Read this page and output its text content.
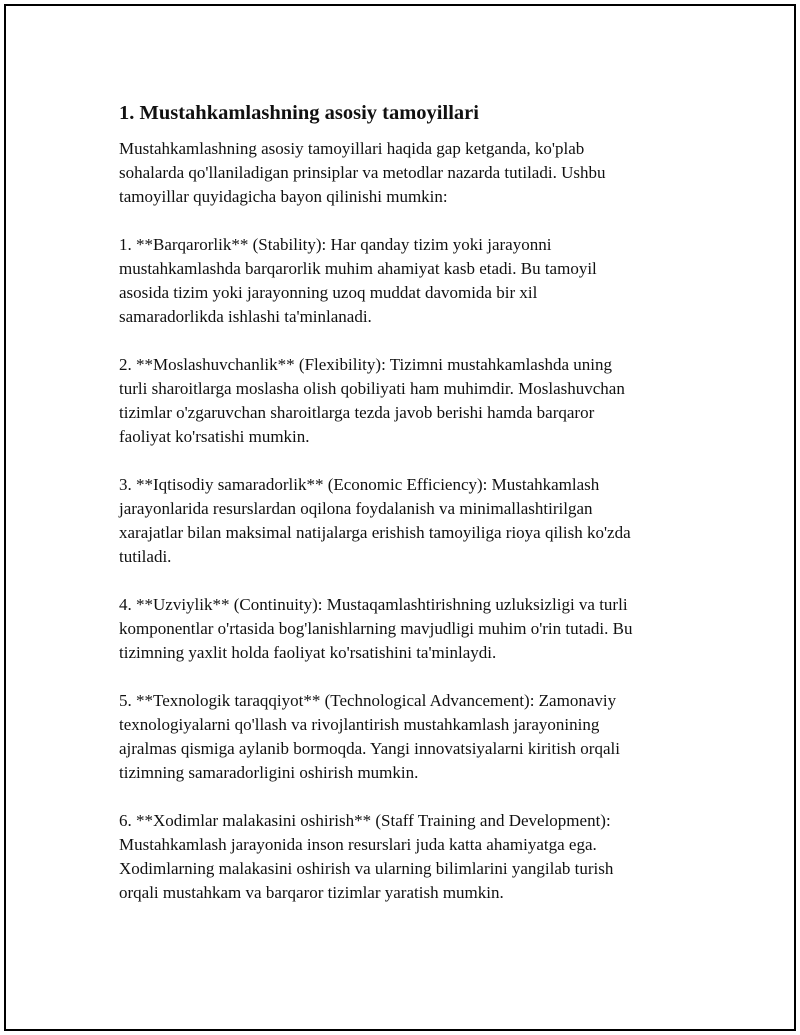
1. Mustahkamlashning asosiy tamoyillari

Mustahkamlashning asosiy tamoyillari haqida gap ketganda, ko'plab
sohalarda qo'llaniladigan prinsiplar va metodlar nazarda tutiladi. Ushbu
tamoyillar quyidagicha bayon qilinishi mumkin:

1. **Barqarorlik** (Stability): Har qanday tizim yoki jarayonni
mustahkamlashda barqarorlik muhim ahamiyat kasb etadi. Bu tamoyil
asosida tizim yoki jarayonning uzoq muddat davomida bir xil
samaradorlikda ishlashi ta'minlanadi.

2. **Moslashuvchanlik** (Flexibility): Tizimni mustahkamlashda uning
turli sharoitlarga moslasha olish qobiliyati ham muhimdir. Moslashuvchan
tizimlar o'zgaruvchan sharoitlarga tezda javob berishi hamda barqaror
faoliyat ko'rsatishi mumkin.

3. **Iqtisodiy samaradorlik** (Economic Efficiency): Mustahkamlash
jarayonlarida resurslardan oqilona foydalanish va minimallashtirilgan
xarajatlar bilan maksimal natijalarga erishish tamoyiliga rioya qilish ko'zda
tutiladi.

4. **Uzviylik** (Continuity): Mustaqamlashtirishning uzluksizligi va turli
komponentlar o'rtasida bog'lanishlarning mavjudligi muhim o'rin tutadi. Bu
tizimning yaxlit holda faoliyat ko'rsatishini ta'minlaydi.

5. **Texnologik taraqqiyot** (Technological Advancement): Zamonaviy
texnologiyalarni qo'llash va rivojlantirish mustahkamlash jarayonining
ajralmas qismiga aylanib bormoqda. Yangi innovatsiyalarni kiritish orqali
tizimning samaradorligini oshirish mumkin.

6. **Xodimlar malakasini oshirish** (Staff Training and Development):
Mustahkamlash jarayonida inson resurslari juda katta ahamiyatga ega.
Xodimlarning malakasini oshirish va ularning bilimlarini yangilab turish
orqali mustahkam va barqaror tizimlar yaratish mumkin.
